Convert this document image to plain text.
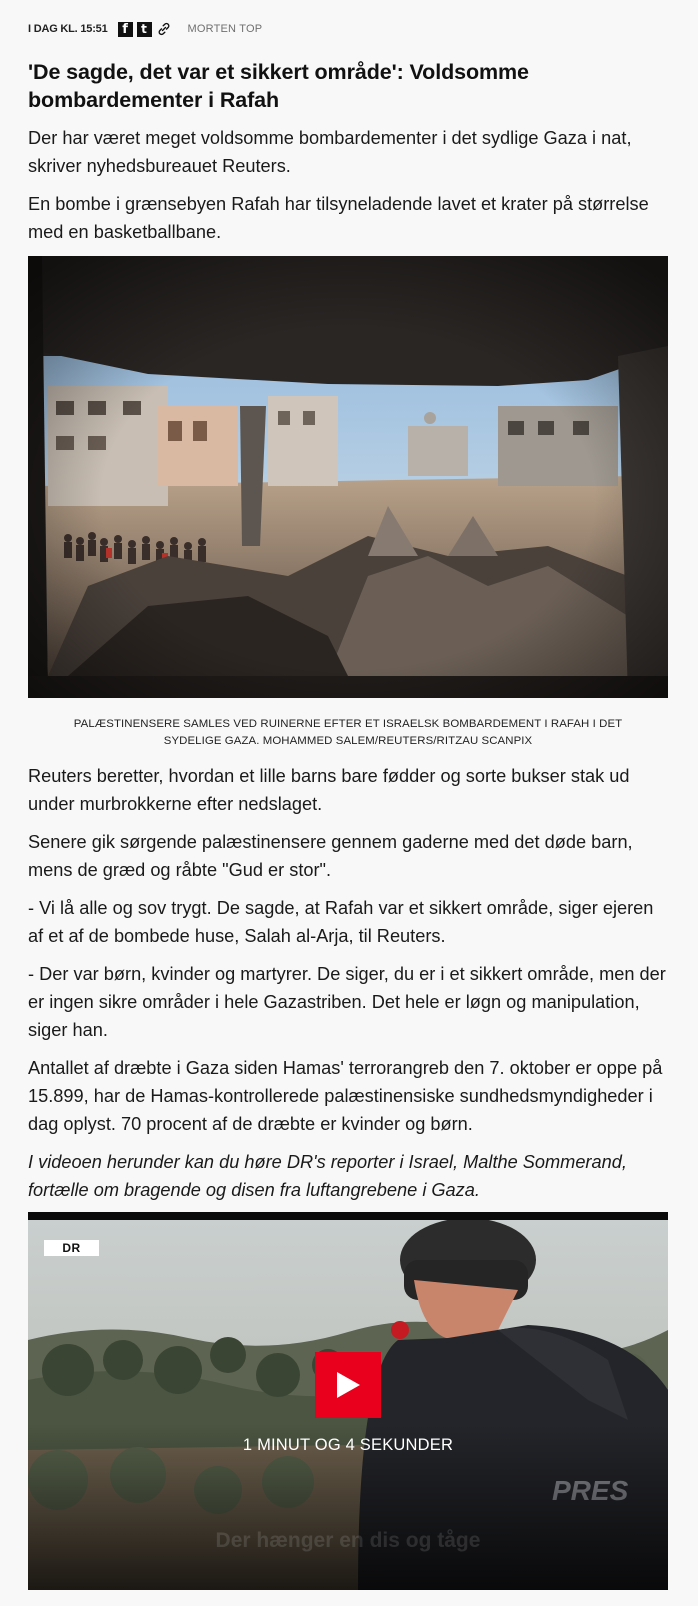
I DAG KL. 15:51	f	t	MORTEN TOP
'De sagde, det var et sikkert område': Voldsomme bombardementer i Rafah

Der har været meget voldsomme bombardementer i det sydlige Gaza i nat, skriver nyhedsbureauet Reuters.

En bombe i grænsebyen Rafah har tilsyneladende lavet et krater på størrelse med en basketballbane.

PALÆSTINENSERE SAMLES VED RUINERNE EFTER ET ISRAELSK BOMBARDEMENT I RAFAH I DET SYDELIGE GAZA. MOHAMMED SALEM/REUTERS/RITZAU SCANPIX

Reuters beretter, hvordan et lille barns bare fødder og sorte bukser stak ud under murbrokkerne efter nedslaget.

Senere gik sørgende palæstinensere gennem gaderne med det døde barn, mens de græd og råbte "Gud er stor".

- Vi lå alle og sov trygt. De sagde, at Rafah var et sikkert område, siger ejeren af et af de bombede huse, Salah al-Arja, til Reuters.

- Der var børn, kvinder og martyrer. De siger, du er i et sikkert område, men der er ingen sikre områder i hele Gazastriben. Det hele er løgn og manipulation, siger han.

Antallet af dræbte i Gaza siden Hamas' terrorangreb den 7. oktober er oppe på 15.899, har de Hamas-kontrollerede palæstinensiske sundhedsmyndigheder i dag oplyst. 70 procent af de dræbte er kvinder og børn.

I videoen herunder kan du høre DR's reporter i Israel, Malthe Sommerand, fortælle om bragende og disen fra luftangrebene i Gaza.

DR
1 MINUT OG 4 SEKUNDER
Der hænger en dis og tåge
